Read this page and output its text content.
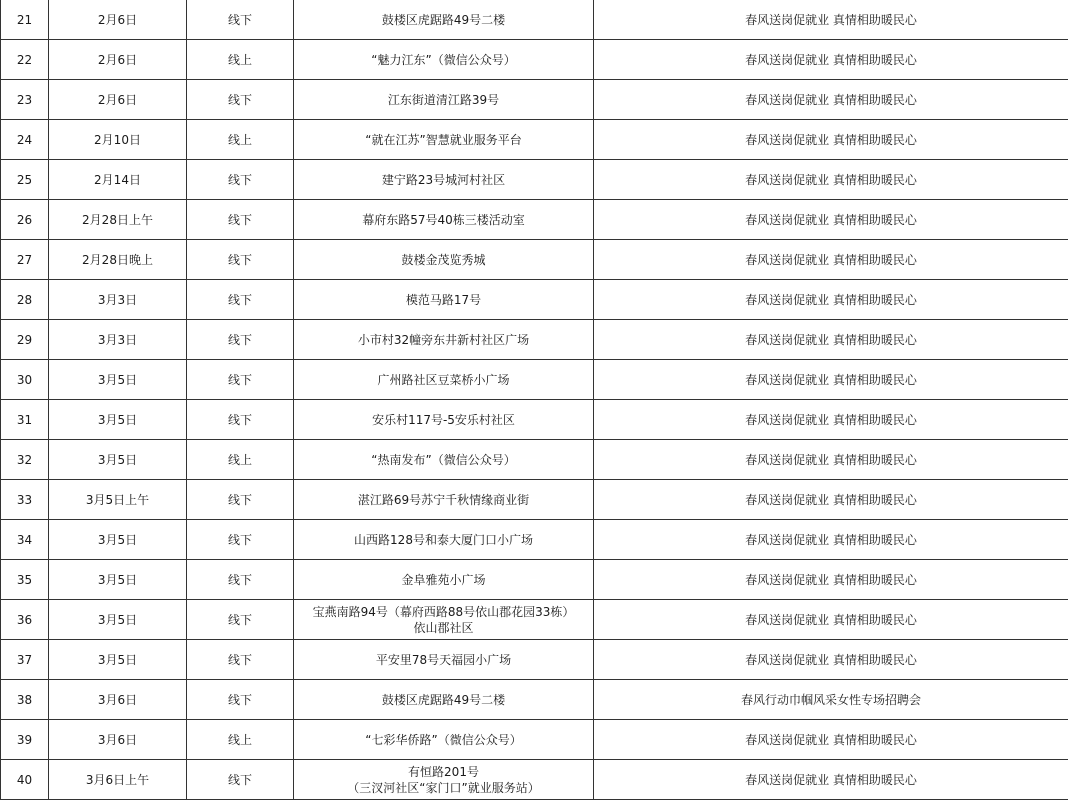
21	2月6日	线下	鼓楼区虎踞路49号二楼	春风送岗促就业 真情相助暖民心
22	2月6日	线上	“魅力江东”（微信公众号）	春风送岗促就业 真情相助暖民心
23	2月6日	线下	江东街道清江路39号	春风送岗促就业 真情相助暖民心
24	2月10日	线上	“就在江苏”智慧就业服务平台	春风送岗促就业 真情相助暖民心
25	2月14日	线下	建宁路23号城河村社区	春风送岗促就业 真情相助暖民心
26	2月28日上午	线下	幕府东路57号40栋三楼活动室	春风送岗促就业 真情相助暖民心
27	2月28日晚上	线下	鼓楼金茂览秀城	春风送岗促就业 真情相助暖民心
28	3月3日	线下	模范马路17号	春风送岗促就业 真情相助暖民心
29	3月3日	线下	小市村32幢旁东井新村社区广场	春风送岗促就业 真情相助暖民心
30	3月5日	线下	广州路社区豆菜桥小广场	春风送岗促就业 真情相助暖民心
31	3月5日	线下	安乐村117号-5安乐村社区	春风送岗促就业 真情相助暖民心
32	3月5日	线上	“热南发布”（微信公众号）	春风送岗促就业 真情相助暖民心
33	3月5日上午	线下	湛江路69号苏宁千秋情缘商业街	春风送岗促就业 真情相助暖民心
34	3月5日	线下	山西路128号和泰大厦门口小广场	春风送岗促就业 真情相助暖民心
35	3月5日	线下	金阜雅苑小广场	春风送岗促就业 真情相助暖民心
36	3月5日	线下	宝燕南路94号（幕府西路88号依山郡花园33栋）
依山郡社区	春风送岗促就业 真情相助暖民心
37	3月5日	线下	平安里78号天福园小广场	春风送岗促就业 真情相助暖民心
38	3月6日	线下	鼓楼区虎踞路49号二楼	春风行动巾帼风采女性专场招聘会
39	3月6日	线上	“七彩华侨路”（微信公众号）	春风送岗促就业 真情相助暖民心
40	3月6日上午	线下	有恒路201号
（三汊河社区“家门口”就业服务站）	春风送岗促就业 真情相助暖民心
